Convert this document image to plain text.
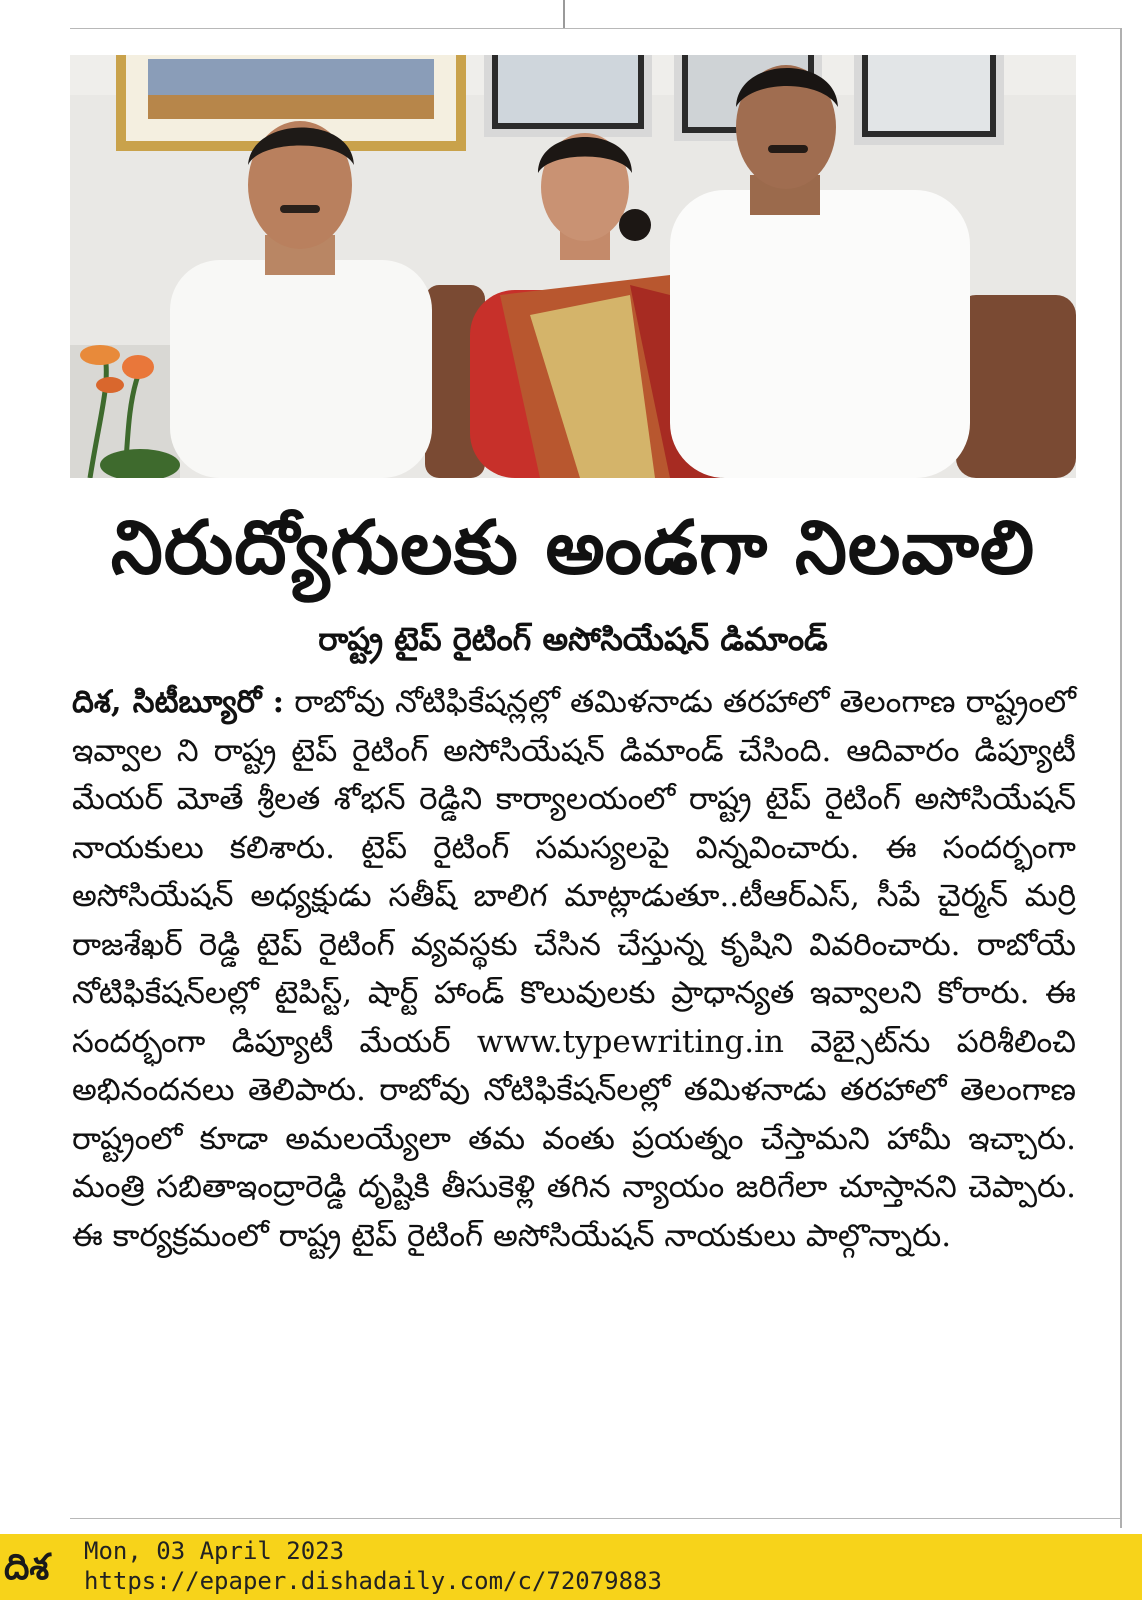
నిరుద్యోగులకు అండగా నిలవాలి
రాష్ట్ర టైప్ రైటింగ్ అసోసియేషన్ డిమాండ్
దిశ, సిటీబ్యూరో : రాబోవు నోటిఫికేషన్లల్లో తమిళనాడు తరహాలో తెలంగాణ రాష్ట్రంలో ఇవ్వాల ని రాష్ట్ర టైప్ రైటింగ్ అసోసియేషన్ డిమాండ్ చేసింది. ఆదివారం డిప్యూటీ మేయర్ మోతే శ్రీలత శోభన్ రెడ్డిని కార్యాలయంలో రాష్ట్ర టైప్ రైటింగ్ అసోసియేషన్ నాయకులు కలిశారు. టైప్ రైటింగ్ సమస్యలపై విన్నవించారు. ఈ సందర్భంగా అసోసియేషన్ అధ్యక్షుడు సతీష్ బాలిగ మాట్లాడుతూ..టీఆర్ఎస్, సీపే చైర్మన్ మర్రి రాజశేఖర్ రెడ్డి టైప్ రైటింగ్ వ్యవస్థకు చేసిన చేస్తున్న కృషిని వివరించారు. రాబోయే నోటిఫికేషన్‌లల్లో టైపిస్ట్, షార్ట్ హాండ్ కొలువులకు ప్రాధాన్యత ఇవ్వాలని కోరారు. ఈ సందర్భంగా డిప్యూటీ మేయర్ www.typewriting.in వెబ్సైట్‌ను పరిశీలించి అభినందనలు తెలిపారు. రాబోవు నోటిఫికేషన్‌లల్లో తమిళనాడు తరహాలో తెలంగాణ రాష్ట్రంలో కూడా అమలయ్యేలా తమ వంతు ప్రయత్నం చేస్తామని హామీ ఇచ్చారు. మంత్రి సబితాఇంద్రారెడ్డి దృష్టికి తీసుకెళ్లి తగిన న్యాయం జరిగేలా చూస్తానని చెప్పారు. ఈ కార్యక్రమంలో రాష్ట్ర టైప్ రైటింగ్ అసోసియేషన్ నాయకులు పాల్గొన్నారు.
దిశ	Mon, 03 April 2023
https://epaper.dishadaily.com/c/72079883
